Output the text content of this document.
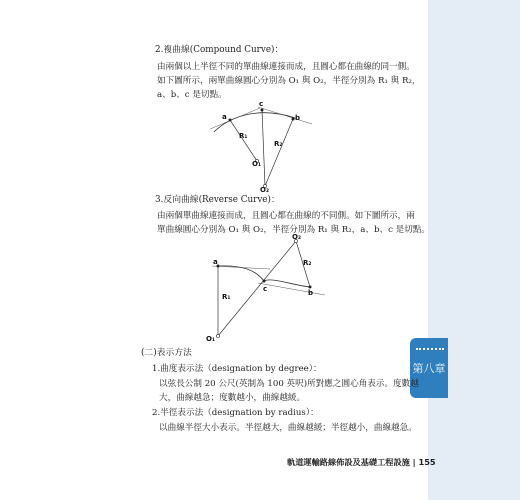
第八章
2.複曲線(Compound Curve)：
由兩個以上半徑不同的單曲線連接而成，且圓心都在曲線的同一側。
如下圖所示，兩單曲線圓心分別為 O₁ 與 O₂，半徑分別為 R₁ 與 R₂，
a、b、c 是切點。
a
c
b
R₁
R₂
O₁
O₂
3.反向曲線(Reverse Curve)：
由兩個單曲線連接而成，且圓心都在曲線的不同側。如下圖所示，兩
單曲線圓心分別為 O₁ 與 O₂，半徑分別為 R₁ 與 R₂，a、b、c 是切點。
a
c	b
R₁
R₂
O₁
O₂
(二)表示方法
1.曲度表示法（designation by degree）：
以弦長公制 20 公尺(英制為 100 英呎)所對應之圓心角表示。度數越
大，曲線越急；度數越小，曲線越緩。
2.半徑表示法（designation by radius）：
以曲線半徑大小表示。半徑越大，曲線越緩；半徑越小，曲線越急。
軌道運輸路線佈設及基礎工程設施 | 155
